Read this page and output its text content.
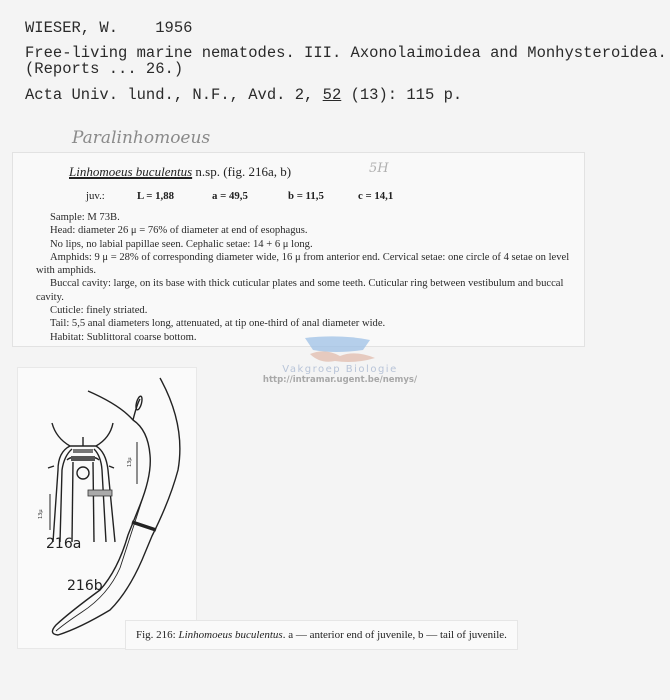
WIESER, W. 1956
Free-living marine nematodes. III. Axonolaimoidea and Monhysteroidea.
(Reports ... 26.)
Acta Univ. lund., N.F., Avd. 2, 52 (13): 115 p.
Paralinhomoeus
Linhomoeus buculentus n.sp. (fig. 216a, b)	5H
juv.:	L = 1,88	a = 49,5	b = 11,5	c = 14,1

Sample: M 73B.

Head: diameter 26 μ = 76% of diameter at end of esophagus.

No lips, no labial papillae seen. Cephalic setae: 14 + 6 μ long.

Amphids: 9 μ = 28% of corresponding diameter wide, 16 μ from anterior end. Cervical setae: one circle of 4 setae on level with amphids.

Buccal cavity: large, on its base with thick cuticular plates and some teeth. Cuticular ring between vestibulum and buccal cavity.

Cuticle: finely striated.

Tail: 5,5 anal diameters long, attenuated, at tip one-third of anal diameter wide.

Habitat: Sublittoral coarse bottom.

Vakgroep Biologie
http://intramar.ugent.be/nemys/
13μ
13μ
216a
216b
Fig. 216: Linhomoeus buculentus. a — anterior end of juvenile, b — tail of juvenile.
